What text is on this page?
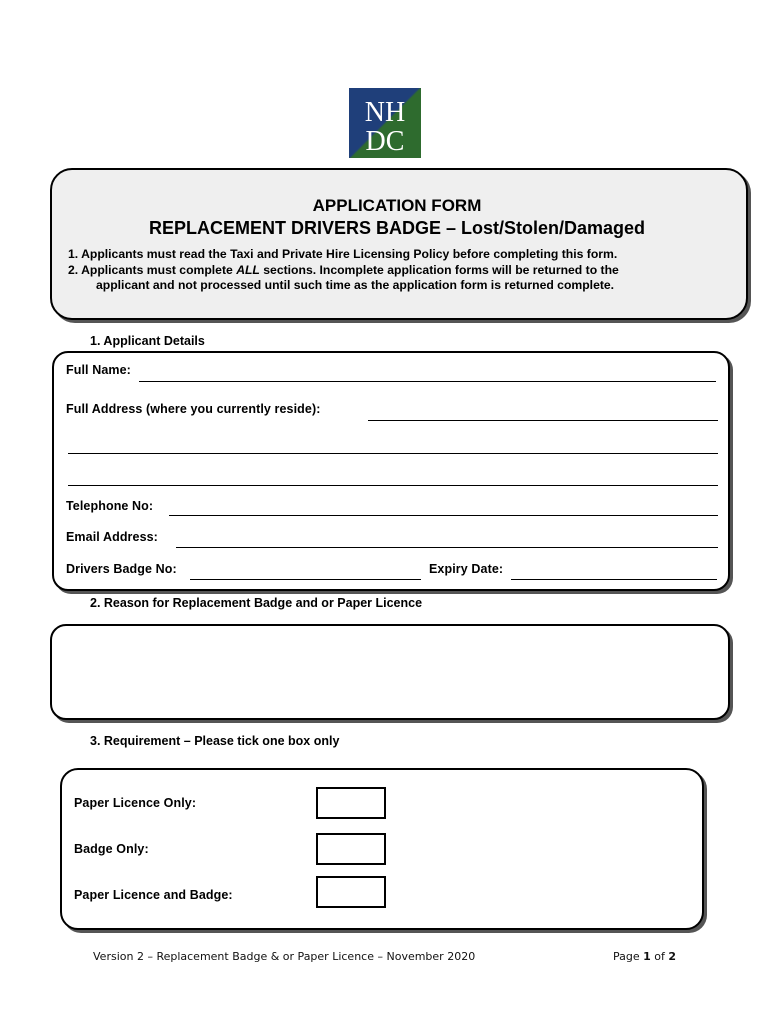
NH
DC
APPLICATION FORM
REPLACEMENT DRIVERS BADGE – Lost/Stolen/Damaged
1. Applicants must read the Taxi and Private Hire Licensing Policy before completing this form.
2. Applicants must complete ALL sections. Incomplete application forms will be returned to the
applicant and not processed until such time as the application form is returned complete.
1. Applicant Details
Full Name:
Full Address (where you currently reside):
Telephone No:
Email Address:
Drivers Badge No:	Expiry Date:
2. Reason for Replacement Badge and or Paper Licence
3. Requirement – Please tick one box only
Paper Licence Only:
Badge Only:
Paper Licence and Badge:
Version 2 – Replacement Badge & or Paper Licence – November 2020	Page 1 of 2
